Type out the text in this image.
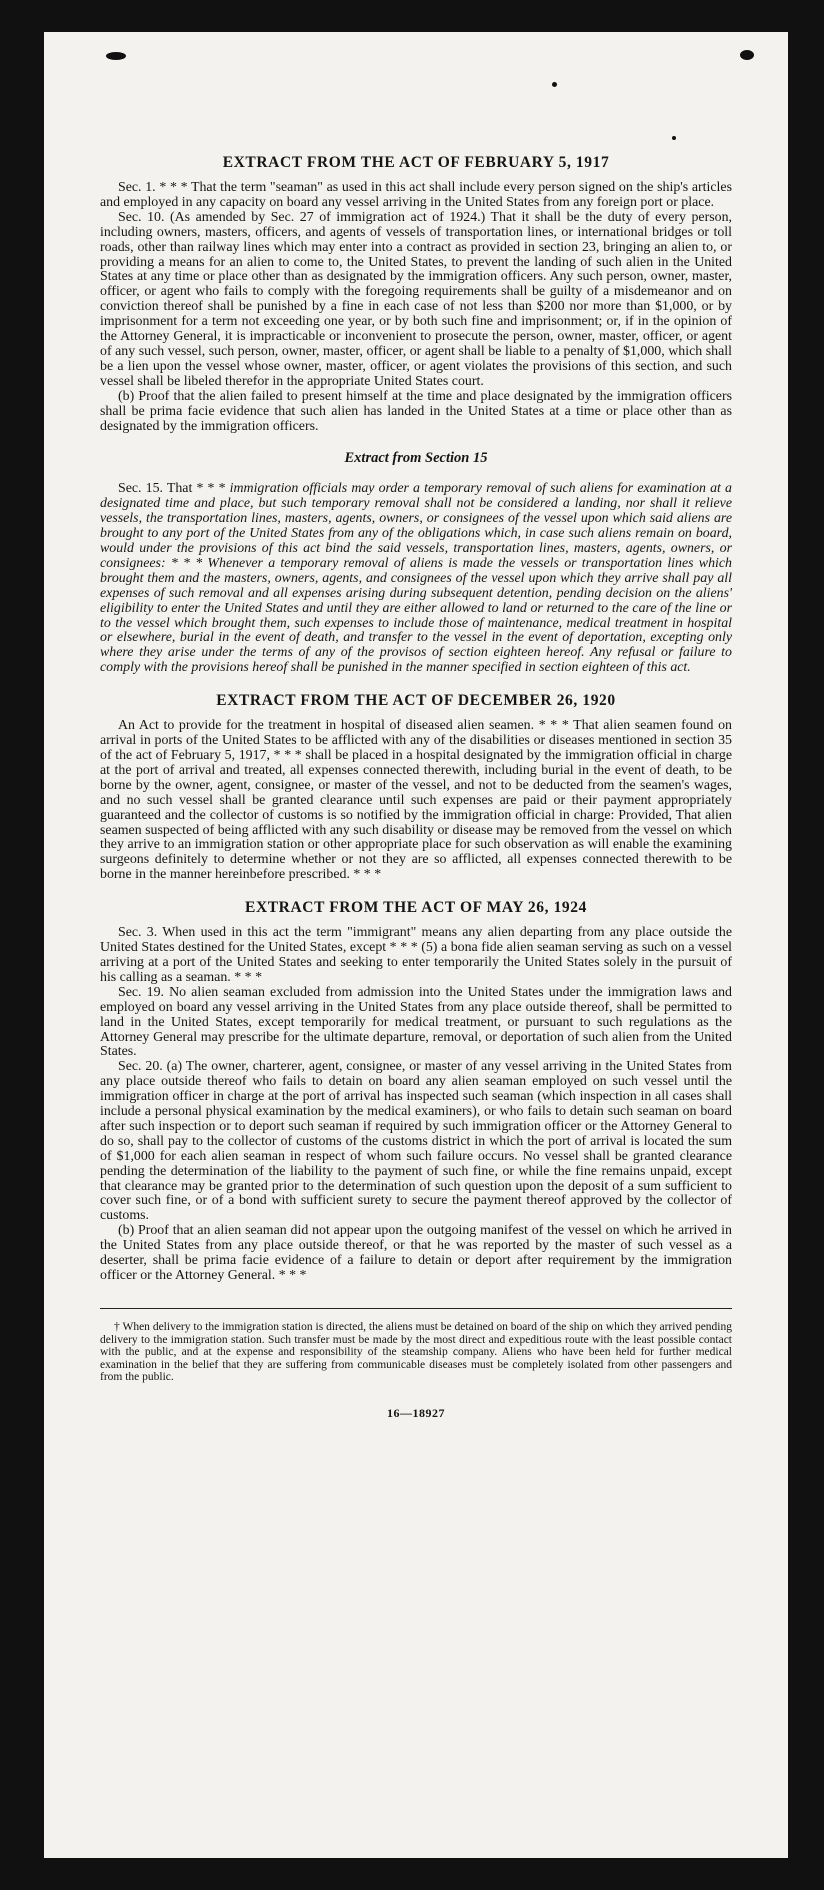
EXTRACT FROM THE ACT OF FEBRUARY 5, 1917

Sec. 1. * * * That the term "seaman" as used in this act shall include every person signed on the ship's articles and employed in any capacity on board any vessel arriving in the United States from any foreign port or place.

Sec. 10. (As amended by Sec. 27 of immigration act of 1924.) That it shall be the duty of every person, including owners, masters, officers, and agents of vessels of transportation lines, or international bridges or toll roads, other than railway lines which may enter into a contract as provided in section 23, bringing an alien to, or providing a means for an alien to come to, the United States, to prevent the landing of such alien in the United States at any time or place other than as designated by the immigration officers. Any such person, owner, master, officer, or agent who fails to comply with the foregoing requirements shall be guilty of a misdemeanor and on conviction thereof shall be punished by a fine in each case of not less than $200 nor more than $1,000, or by imprisonment for a term not exceeding one year, or by both such fine and imprisonment; or, if in the opinion of the Attorney General, it is impracticable or inconvenient to prosecute the person, owner, master, officer, or agent of any such vessel, such person, owner, master, officer, or agent shall be liable to a penalty of $1,000, which shall be a lien upon the vessel whose owner, master, officer, or agent violates the provisions of this section, and such vessel shall be libeled therefor in the appropriate United States court.

(b) Proof that the alien failed to present himself at the time and place designated by the immigration officers shall be prima facie evidence that such alien has landed in the United States at a time or place other than as designated by the immigration officers.

Extract from Section 15

Sec. 15. That * * * immigration officials may order a temporary removal of such aliens for examination at a designated time and place, but such temporary removal shall not be considered a landing, nor shall it relieve vessels, the transportation lines, masters, agents, owners, or consignees of the vessel upon which said aliens are brought to any port of the United States from any of the obligations which, in case such aliens remain on board, would under the provisions of this act bind the said vessels, transportation lines, masters, agents, owners, or consignees: * * * Whenever a temporary removal of aliens is made the vessels or transportation lines which brought them and the masters, owners, agents, and consignees of the vessel upon which they arrive shall pay all expenses of such removal and all expenses arising during subsequent detention, pending decision on the aliens' eligibility to enter the United States and until they are either allowed to land or returned to the care of the line or to the vessel which brought them, such expenses to include those of maintenance, medical treatment in hospital or elsewhere, burial in the event of death, and transfer to the vessel in the event of deportation, excepting only where they arise under the terms of any of the provisos of section eighteen hereof. Any refusal or failure to comply with the provisions hereof shall be punished in the manner specified in section eighteen of this act.

EXTRACT FROM THE ACT OF DECEMBER 26, 1920

An Act to provide for the treatment in hospital of diseased alien seamen. * * * That alien seamen found on arrival in ports of the United States to be afflicted with any of the disabilities or diseases mentioned in section 35 of the act of February 5, 1917, * * * shall be placed in a hospital designated by the immigration official in charge at the port of arrival and treated, all expenses connected therewith, including burial in the event of death, to be borne by the owner, agent, consignee, or master of the vessel, and not to be deducted from the seamen's wages, and no such vessel shall be granted clearance until such expenses are paid or their payment appropriately guaranteed and the collector of customs is so notified by the immigration official in charge: Provided, That alien seamen suspected of being afflicted with any such disability or disease may be removed from the vessel on which they arrive to an immigration station or other appropriate place for such observation as will enable the examining surgeons definitely to determine whether or not they are so afflicted, all expenses connected therewith to be borne in the manner hereinbefore prescribed. * * *

EXTRACT FROM THE ACT OF MAY 26, 1924

Sec. 3. When used in this act the term "immigrant" means any alien departing from any place outside the United States destined for the United States, except * * * (5) a bona fide alien seaman serving as such on a vessel arriving at a port of the United States and seeking to enter temporarily the United States solely in the pursuit of his calling as a seaman. * * *

Sec. 19. No alien seaman excluded from admission into the United States under the immigration laws and employed on board any vessel arriving in the United States from any place outside thereof, shall be permitted to land in the United States, except temporarily for medical treatment, or pursuant to such regulations as the Attorney General may prescribe for the ultimate departure, removal, or deportation of such alien from the United States.

Sec. 20. (a) The owner, charterer, agent, consignee, or master of any vessel arriving in the United States from any place outside thereof who fails to detain on board any alien seaman employed on such vessel until the immigration officer in charge at the port of arrival has inspected such seaman (which inspection in all cases shall include a personal physical examination by the medical examiners), or who fails to detain such seaman on board after such inspection or to deport such seaman if required by such immigration officer or the Attorney General to do so, shall pay to the collector of customs of the customs district in which the port of arrival is located the sum of $1,000 for each alien seaman in respect of whom such failure occurs. No vessel shall be granted clearance pending the determination of the liability to the payment of such fine, or while the fine remains unpaid, except that clearance may be granted prior to the determination of such question upon the deposit of a sum sufficient to cover such fine, or of a bond with sufficient surety to secure the payment thereof approved by the collector of customs.

(b) Proof that an alien seaman did not appear upon the outgoing manifest of the vessel on which he arrived in the United States from any place outside thereof, or that he was reported by the master of such vessel as a deserter, shall be prima facie evidence of a failure to detain or deport after requirement by the immigration officer or the Attorney General. * * *

† When delivery to the immigration station is directed, the aliens must be detained on board of the ship on which they arrived pending delivery to the immigration station. Such transfer must be made by the most direct and expeditious route with the least possible contact with the public, and at the expense and responsibility of the steamship company. Aliens who have been held for further medical examination in the belief that they are suffering from communicable diseases must be completely isolated from other passengers and from the public.

16—18927
